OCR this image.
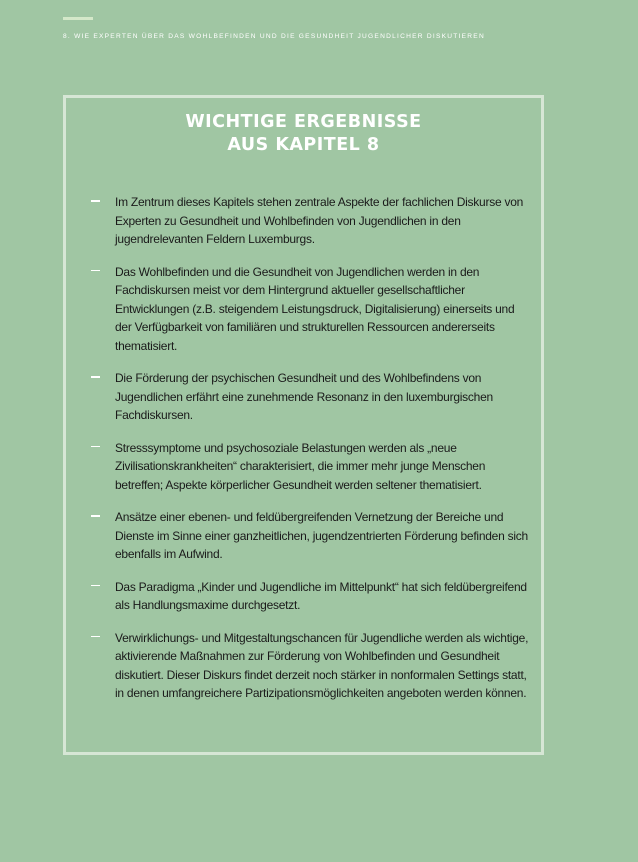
8. WIE EXPERTEN ÜBER DAS WOHLBEFINDEN UND DIE GESUNDHEIT JUGENDLICHER DISKUTIEREN
WICHTIGE ERGEBNISSE
AUS KAPITEL 8
Im Zentrum dieses Kapitels stehen zentrale Aspekte der fachlichen Diskurse von Experten zu Gesundheit und Wohlbefinden von Jugendlichen in den jugendrelevanten Feldern Luxemburgs.
Das Wohlbefinden und die Gesundheit von Jugendlichen werden in den Fachdiskursen meist vor dem Hintergrund aktueller gesellschaftlicher Entwicklungen (z.B. steigendem Leistungsdruck, Digitalisierung) einerseits und der Verfügbarkeit von familiären und strukturellen Ressourcen andererseits thematisiert.
Die Förderung der psychischen Gesundheit und des Wohlbefindens von Jugendlichen erfährt eine zunehmende Resonanz in den luxemburgischen Fachdiskursen.
Stresssymptome und psychosoziale Belastungen werden als „neue Zivilisationskrankheiten“ charakterisiert, die immer mehr junge Menschen betreffen; Aspekte körperlicher Gesundheit werden seltener thematisiert.
Ansätze einer ebenen- und feldübergreifenden Vernetzung der Bereiche und Dienste im Sinne einer ganzheitlichen, jugendzentrierten Förderung befinden sich ebenfalls im Aufwind.
Das Paradigma „Kinder und Jugendliche im Mittelpunkt“ hat sich feldübergreifend als Handlungsmaxime durchgesetzt.
Verwirklichungs- und Mitgestaltungschancen für Jugendliche werden als wichtige, aktivierende Maßnahmen zur Förderung von Wohlbefinden und Gesundheit diskutiert. Dieser Diskurs findet derzeit noch stärker in nonformalen Settings statt, in denen umfangreichere Partizipationsmöglichkeiten angeboten werden können.
